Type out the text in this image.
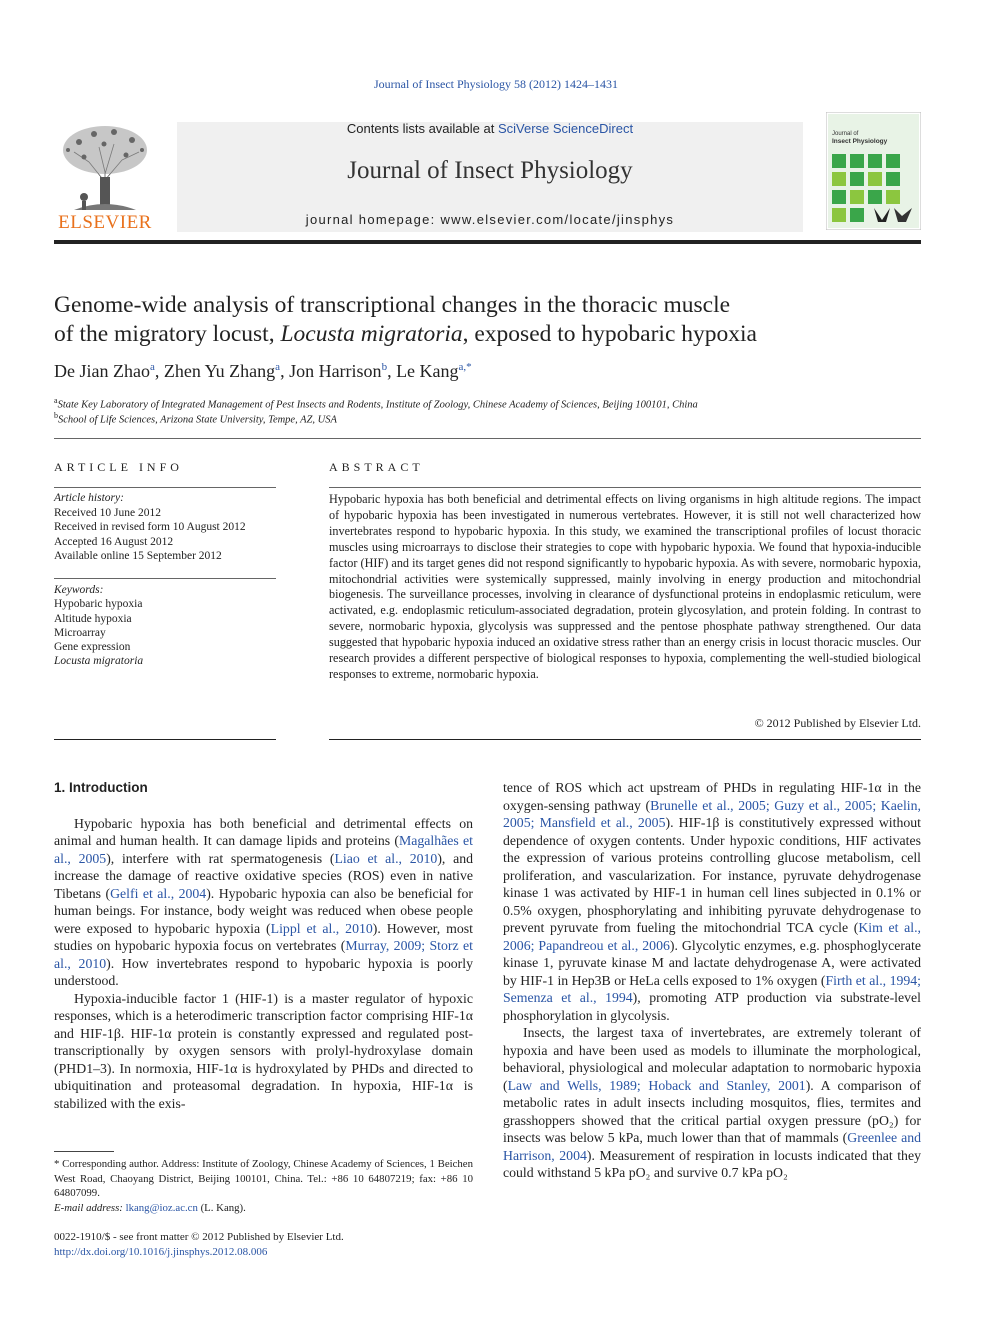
Journal of Insect Physiology 58 (2012) 1424–1431
ELSEVIER
Contents lists available at SciVerse ScienceDirect
Journal of Insect Physiology
journal homepage: www.elsevier.com/locate/jinsphys
Journal of
Insect Physiology
Genome-wide analysis of transcriptional changes in the thoracic muscle
of the migratory locust, Locusta migratoria, exposed to hypobaric hypoxia
De Jian Zhao$^a$, Zhen Yu Zhang$^a$, Jon Harrison$^b$, Le Kang$^{a,*}$
$^a$State Key Laboratory of Integrated Management of Pest Insects and Rodents, Institute of Zoology, Chinese Academy of Sciences, Beijing 100101, China
$^b$School of Life Sciences, Arizona State University, Tempe, AZ, USA
ARTICLE INFO	ABSTRACT
Article history:
Received 10 June 2012
Received in revised form 10 August 2012
Accepted 16 August 2012
Available online 15 September 2012
Keywords:
Hypobaric hypoxia
Altitude hypoxia
Microarray
Gene expression
Locusta migratoria
Hypobaric hypoxia has both beneficial and detrimental effects on living organisms in high altitude regions. The impact of hypobaric hypoxia has been investigated in numerous vertebrates. However, it is still not well characterized how invertebrates respond to hypobaric hypoxia. In this study, we examined the transcriptional profiles of locust thoracic muscles using microarrays to disclose their strategies to cope with hypobaric hypoxia. We found that hypoxia-inducible factor (HIF) and its target genes did not respond significantly to hypobaric hypoxia. As with severe, normobaric hypoxia, mitochondrial activities were systemically suppressed, mainly involving in energy production and mitochondrial biogenesis. The surveillance processes, involving in clearance of dysfunctional proteins in endoplasmic reticulum, were activated, e.g. endoplasmic reticulum-associated degradation, protein glycosylation, and protein folding. In contrast to severe, normobaric hypoxia, glycolysis was suppressed and the pentose phosphate pathway strengthened. Our data suggested that hypobaric hypoxia induced an oxidative stress rather than an energy crisis in locust thoracic muscles. Our research provides a different perspective of biological responses to hypoxia, complementing the well-studied biological responses to extreme, normobaric hypoxia.
© 2012 Published by Elsevier Ltd.

1. Introduction

Hypobaric hypoxia has both beneficial and detrimental effects on animal and human health. It can damage lipids and proteins (Magalhães et al., 2005), interfere with rat spermatogenesis (Liao et al., 2010), and increase the damage of reactive oxidative species (ROS) even in native Tibetans (Gelfi et al., 2004). Hypobaric hypoxia can also be beneficial for human beings. For instance, body weight was reduced when obese people were exposed to hypobaric hypoxia (Lippl et al., 2010). However, most studies on hypobaric hypoxia focus on vertebrates (Murray, 2009; Storz et al., 2010). How invertebrates respond to hypobaric hypoxia is poorly understood.

Hypoxia-inducible factor 1 (HIF-1) is a master regulator of hypoxic responses, which is a heterodimeric transcription factor comprising HIF-1α and HIF-1β. HIF-1α protein is constantly expressed and regulated post-transcriptionally by oxygen sensors with prolyl-hydroxylase domain (PHD1–3). In normoxia, HIF-1α is hydroxylated by PHDs and directed to ubiquitination and proteasomal degradation. In hypoxia, HIF-1α is stabilized with the exis-

tence of ROS which act upstream of PHDs in regulating HIF-1α in the oxygen-sensing pathway (Brunelle et al., 2005; Guzy et al., 2005; Kaelin, 2005; Mansfield et al., 2005). HIF-1β is constitutively expressed without dependence of oxygen contents. Under hypoxic conditions, HIF activates the expression of various proteins controlling glucose metabolism, cell proliferation, and vascularization. For instance, pyruvate dehydrogenase kinase 1 was activated by HIF-1 in human cell lines subjected in 0.1% or 0.5% oxygen, phosphorylating and inhibiting pyruvate dehydrogenase to prevent pyruvate from fueling the mitochondrial TCA cycle (Kim et al., 2006; Papandreou et al., 2006). Glycolytic enzymes, e.g. phosphoglycerate kinase 1, pyruvate kinase M and lactate dehydrogenase A, were activated by HIF-1 in Hep3B or HeLa cells exposed to 1% oxygen (Firth et al., 1994; Semenza et al., 1994), promoting ATP production via substrate-level phosphorylation in glycolysis.

Insects, the largest taxa of invertebrates, are extremely tolerant of hypoxia and have been used as models to illuminate the morphological, behavioral, physiological and molecular adaptation to normobaric hypoxia (Law and Wells, 1989; Hoback and Stanley, 2001). A comparison of metabolic rates in adult insects including mosquitos, flies, termites and grasshoppers showed that the critical partial oxygen pressure (pO₂) for insects was below 5 kPa, much lower than that of mammals (Greenlee and Harrison, 2004). Measurement of respiration in locusts indicated that they could withstand 5 kPa pO₂ and survive 0.7 kPa pO₂

* Corresponding author. Address: Institute of Zoology, Chinese Academy of Sciences, 1 Beichen West Road, Chaoyang District, Beijing 100101, China. Tel.: +86 10 64807219; fax: +86 10 64807099.
E-mail address: lkang@ioz.ac.cn (L. Kang).
0022-1910/$ - see front matter © 2012 Published by Elsevier Ltd.
http://dx.doi.org/10.1016/j.jinsphys.2012.08.006
